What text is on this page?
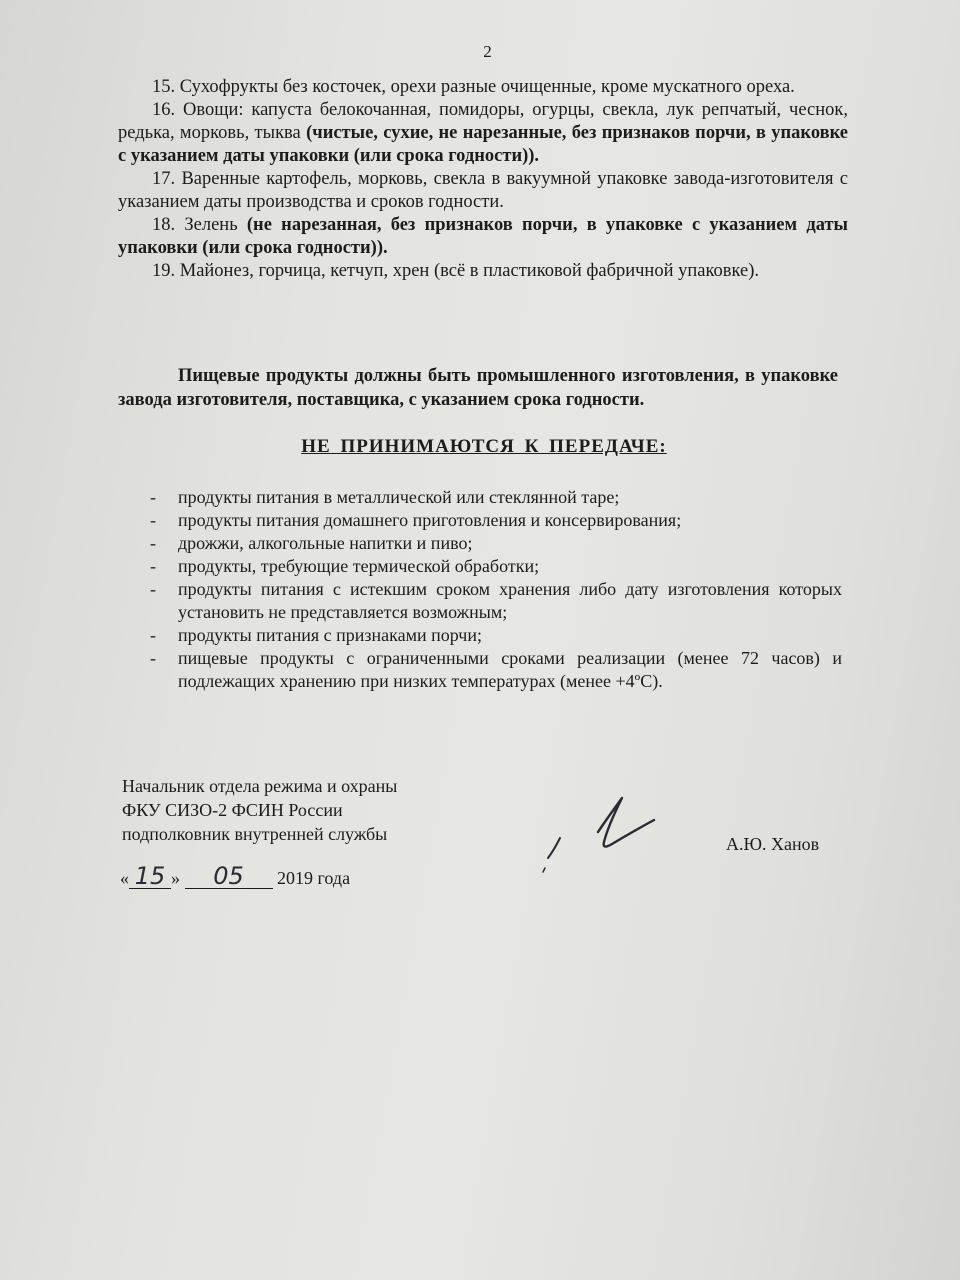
2

15. Сухофрукты без косточек, орехи разные очищенные, кроме мускатного ореха.

16. Овощи: капуста белокочанная, помидоры, огурцы, свекла, лук репчатый, чеснок, редька, морковь, тыква (чистые, сухие, не нарезанные, без признаков порчи, в упаковке с указанием даты упаковки (или срока годности)).

17. Варенные картофель, морковь, свекла в вакуумной упаковке завода-изготовителя с указанием даты производства и сроков годности.

18. Зелень (не нарезанная, без признаков порчи, в упаковке с указанием даты упаковки (или срока годности)).

19. Майонез, горчица, кетчуп, хрен (всё в пластиковой фабричной упаковке).

Пищевые продукты должны быть промышленного изготовления, в упаковке завода изготовителя, поставщика, с указанием срока годности.
НЕ ПРИНИМАЮТСЯ К ПЕРЕДАЧЕ:
- продукты питания в металлической или стеклянной таре;
- продукты питания домашнего приготовления и консервирования;
- дрожжи, алкогольные напитки и пиво;
- продукты, требующие термической обработки;
- продукты питания с истекшим сроком хранения либо дату изготовления которых установить не представляется возможным;
- продукты питания с признаками порчи;
- пищевые продукты с ограниченными сроками реализации (менее 72 часов) и подлежащих хранению при низких температурах (менее +4ºС).
Начальник отдела режима и охраны
ФКУ СИЗО-2 ФСИН России
подполковник внутренней службы	А.Ю. Ханов
« 15 » 05 2019 года
